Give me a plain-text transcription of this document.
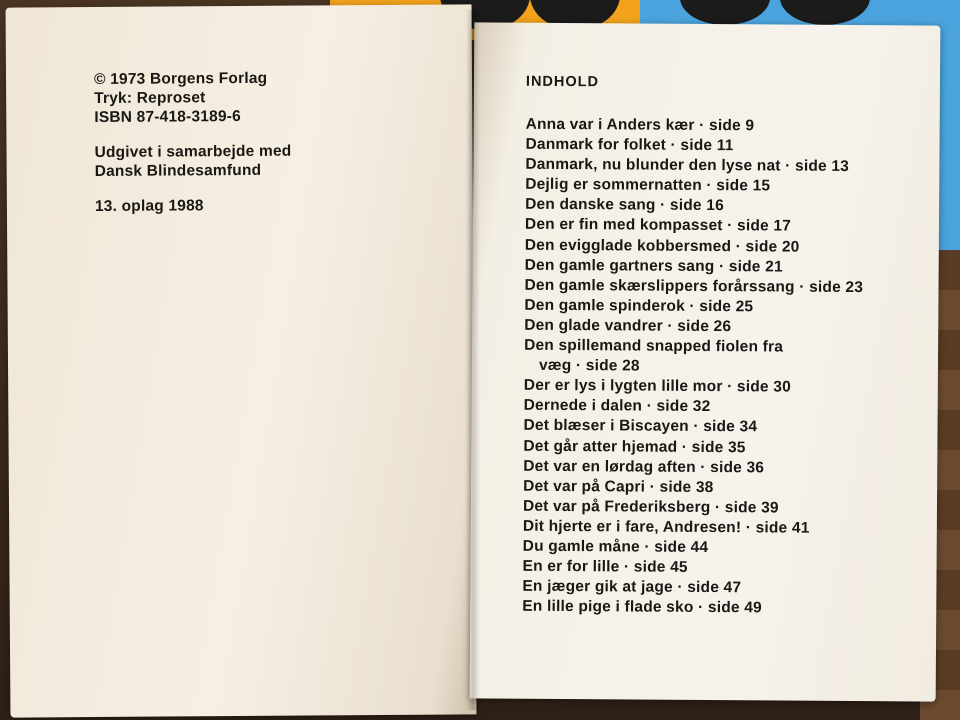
© 1973 Borgens Forlag
Tryk: Reproset
ISBN 87-418-3189-6
Udgivet i samarbejde med
Dansk Blindesamfund
13. oplag 1988
INDHOLD
Anna var i Anders kær · side 9
Danmark for folket · side 11
Danmark, nu blunder den lyse nat · side 13
Dejlig er sommernatten · side 15
Den danske sang · side 16
Den er fin med kompasset · side 17
Den evigglade kobbersmed · side 20
Den gamle gartners sang · side 21
Den gamle skærslippers forårssang · side 23
Den gamle spinderok · side 25
Den glade vandrer · side 26
Den spillemand snapped fiolen fra
væg · side 28
Der er lys i lygten lille mor · side 30
Dernede i dalen · side 32
Det blæser i Biscayen · side 34
Det går atter hjemad · side 35
Det var en lørdag aften · side 36
Det var på Capri · side 38
Det var på Frederiksberg · side 39
Dit hjerte er i fare, Andresen! · side 41
Du gamle måne · side 44
En er for lille · side 45
En jæger gik at jage · side 47
En lille pige i flade sko · side 49
